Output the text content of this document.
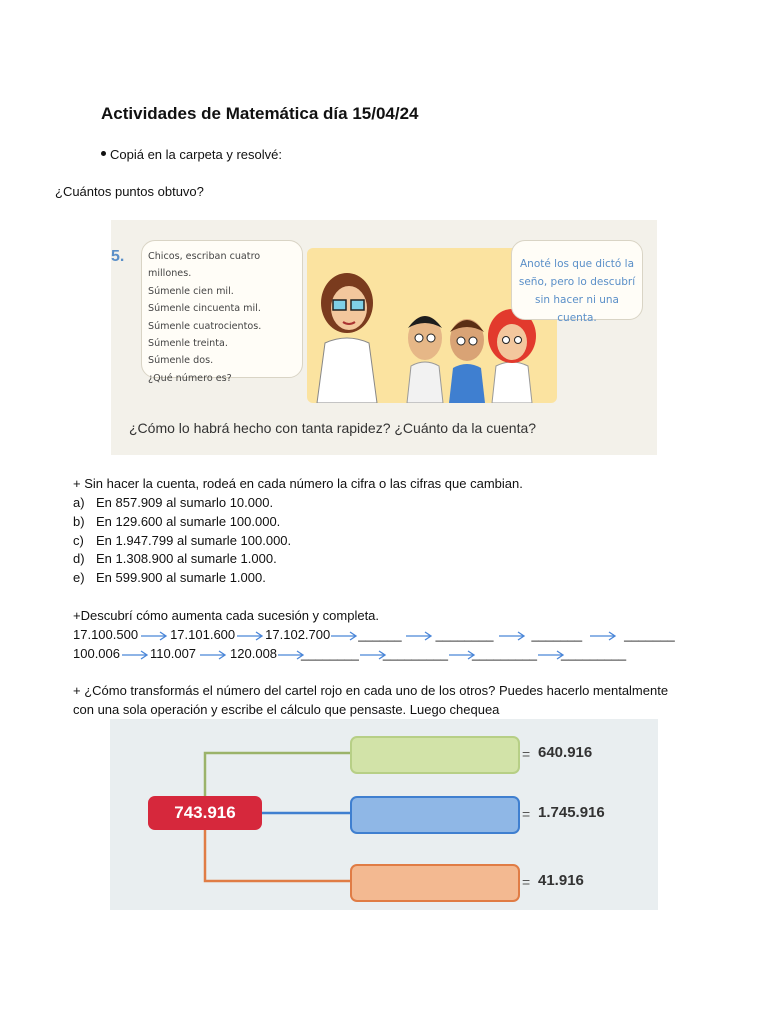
Actividades de Matemática día 15/04/24
Copiá en la carpeta y resolvé:
¿Cuántos puntos obtuvo?
5. Chicos, escriban cuatro millones.
Súmenle cien mil.
Súmenle cincuenta mil.
Súmenle cuatrocientos.
Súmenle treinta.
Súmenle dos.
¿Qué número es?
Anoté los que dictó la
seño, pero lo descubrí
sin hacer ni una cuenta.
¿Cómo lo habrá hecho con tanta rapidez? ¿Cuánto da la cuenta?
+ Sin hacer la cuenta, rodeá en cada número la cifra o las cifras que cambian.
a) En 857.909 al sumarlo 10.000.
b) En 129.600 al sumarle 100.000.
c) En 1.947.799 al sumarle 100.000.
d) En 1.308.900 al sumarle 1.000.
e) En 599.900 al sumarle 1.000.
+Descubrí cómo aumenta cada sucesión y completa.
17.100.500 17.101.600 17.102.700 ______	________	_______	_______
100.006 110.007	120.008 ________ _________ _________ _________
+ ¿Cómo transformás el número del cartel rojo en cada uno de los otros? Puedes hacerlo mentalmente
con una sola operación y escribe el cálculo que pensaste. Luego chequea
743.916
= 640.916
= 1.745.916
= 41.916
